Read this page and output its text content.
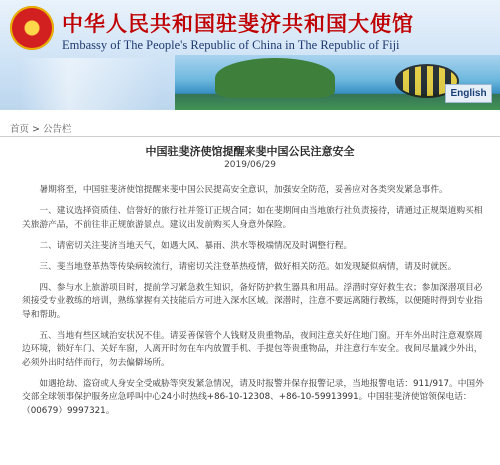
中华人民共和国驻斐济共和国大使馆
Embassy of The People's Republic of China in The Republic of Fiji
English
首页 > 公告栏
中国驻斐济使馆提醒来斐中国公民注意安全
2019/06/29

暑期将至，中国驻斐济使馆提醒来斐中国公民提高安全意识，加强安全防范，妥善应对各类突发紧急事件。

一、建议选择资质佳、信誉好的旅行社并签订正规合同；如在斐期间由当地旅行社负责接待，请通过正规渠道购买相关旅游产品，不前往非正规旅游景点。建议出发前购买人身意外保险。

二、请密切关注斐济当地天气，如遇大风、暴雨、洪水等极端情况及时调整行程。

三、斐当地登革热等传染病较流行，请密切关注登革热疫情，做好相关防范。如发现疑似病情，请及时就医。

四、参与水上旅游项目时，提前学习紧急救生知识，备好防护救生器具和用品。浮潜时穿好救生衣；参加深潜项目必须接受专业教练的培训，熟练掌握有关技能后方可进入深水区域。深潜时，注意不要远离随行教练，以便随时得到专业指导和帮助。

五、当地有些区域治安状况不佳。请妥善保管个人钱财及贵重物品，夜间注意关好住地门窗。开车外出时注意观察周边环境，锁好车门、关好车窗，人离开时勿在车内放置手机、手提包等贵重物品，并注意行车安全。夜间尽量减少外出，必须外出时结伴而行，勿去偏僻场所。

如遇抢劫、盗窃或人身安全受威胁等突发紧急情况，请及时报警并保存报警记录，当地报警电话：911/917。中国外交部全球领事保护服务应急呼叫中心24小时热线+86-10-12308、+86-10-59913991。中国驻斐济使馆领保电话：（00679）9997321。
